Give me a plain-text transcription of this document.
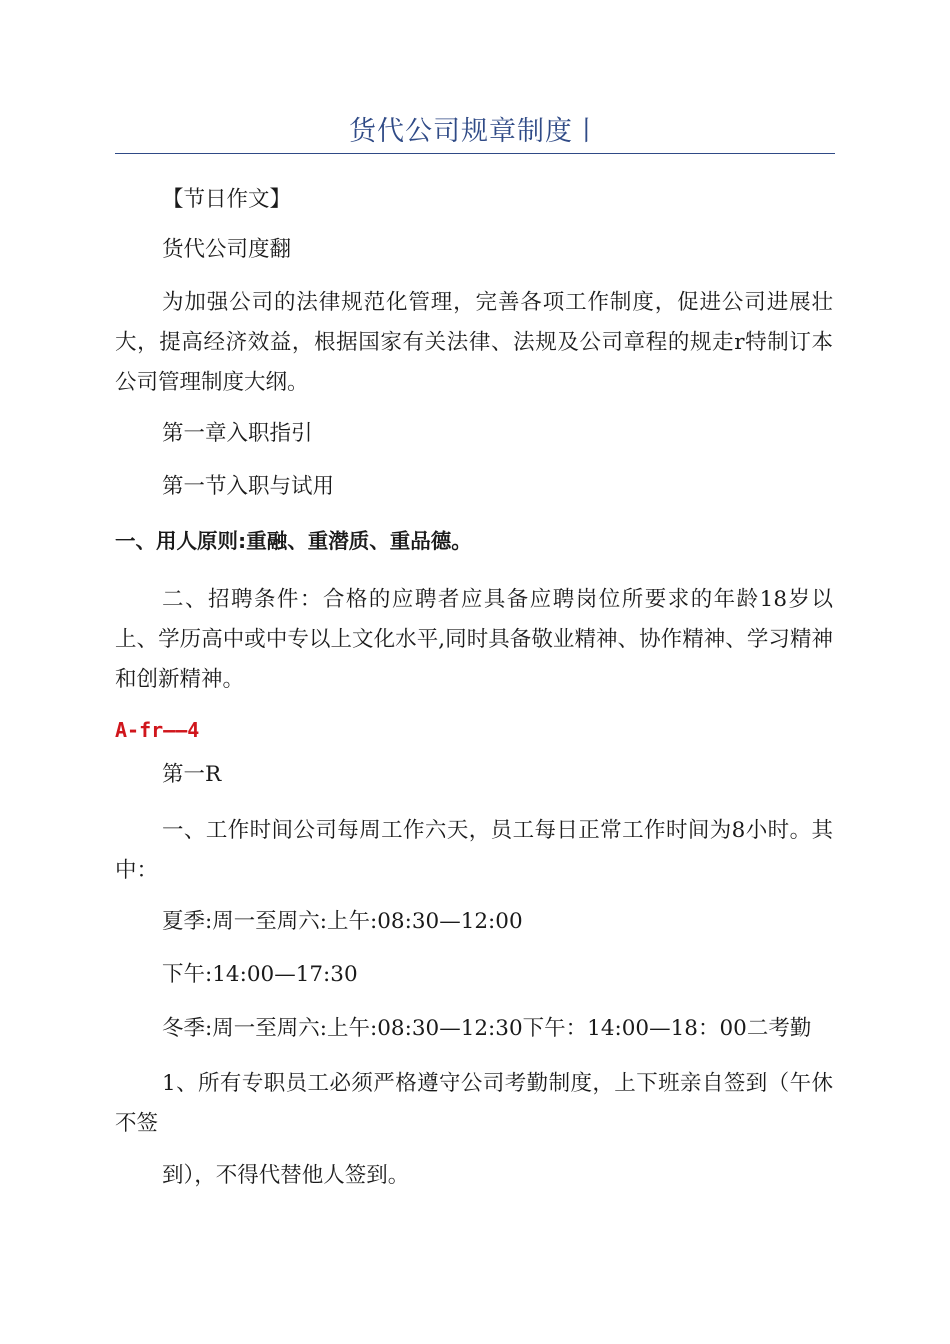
货代公司规章制度丨

【节日作文】

货代公司度翻

为加强公司的法律规范化管理，完善各项工作制度，促进公司进展壮大，提高经济效益，根据国家有关法律、法规及公司章程的规走r特制订本公司管理制度大纲。

第一章入职指引

第一节入职与试用

一、用人原则:重融、重潜质、重品德。

二、招聘条件：合格的应聘者应具备应聘岗位所要求的年龄18岁以上、学历高中或中专以上文化水平,同时具备敬业精神、协作精神、学习精神和创新精神。

A-fr——4

第一R

一、工作时间公司每周工作六天，员工每日正常工作时间为8小时。其中：

夏季:周一至周六:上午:08:30—12:00

下午:14:00—17:30

冬季:周一至周六:上午:08:30—12:30下午：14:00—18：00二考勤

1、所有专职员工必须严格遵守公司考勤制度，上下班亲自签到（午休不签

到），不得代替他人签到。
